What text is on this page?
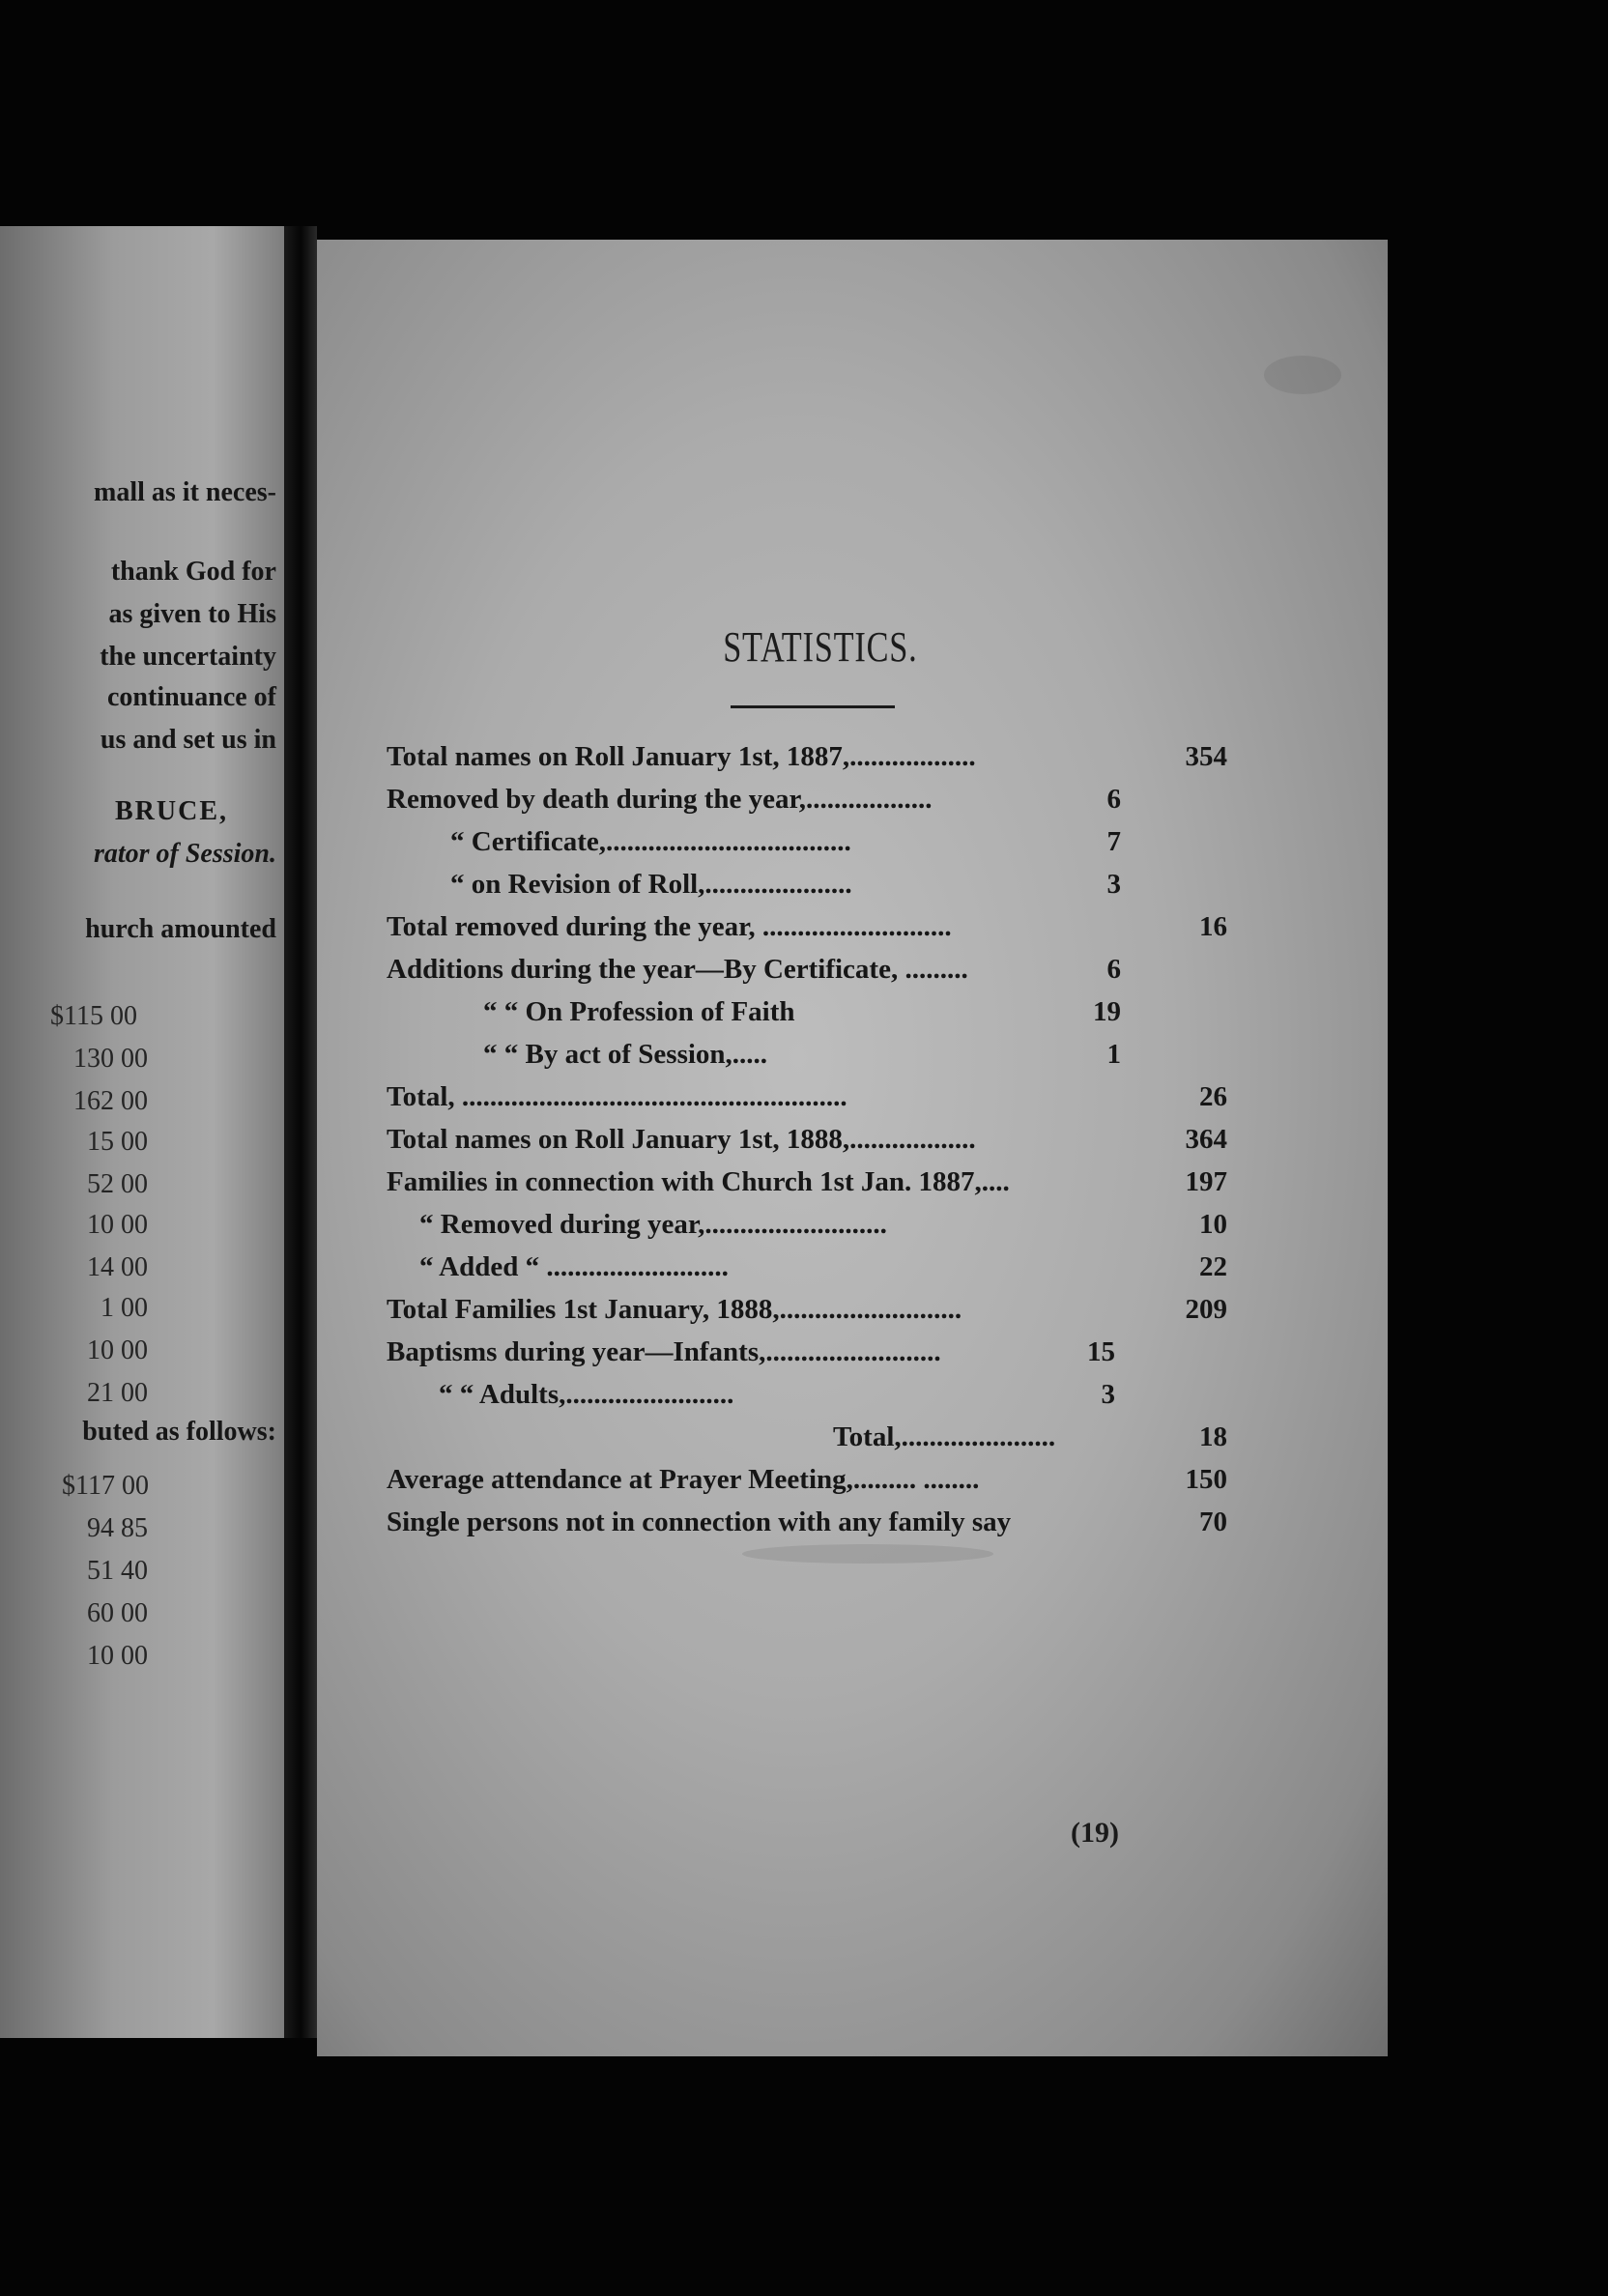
mall as it neces-
thank God for
as given to His
the uncertainty
continuance of
us and set us in
BRUCE,
rator of Session.
hurch amounted
$115 00
130 00
162 00
15 00
52 00
10 00
14 00
1 00
10 00
21 00
buted as follows:
$117 00
94 85
51 40
60 00
10 00
STATISTICS.
Total names on Roll January 1st, 1887,..................	354
Removed by death during the year,..................	6
“ Certificate,...................................	7
“ on Revision of Roll,.....................	3
Total removed during the year, ...........................	16
Additions during the year—By Certificate, .........	6
“ “ On Profession of Faith	19
“ “ By act of Session,.....	1
Total, .......................................................	26
Total names on Roll January 1st, 1888,..................	364
Families in connection with Church 1st Jan. 1887,....	197
“ Removed during year,..........................	10
“ Added “ ..........................	22
Total Families 1st January, 1888,..........................	209
Baptisms during year—Infants,.........................	15
“ “ Adults,........................	3
Total,......................	18
Average attendance at Prayer Meeting,......... ........	150
Single persons not in connection with any family say	70
(19)
